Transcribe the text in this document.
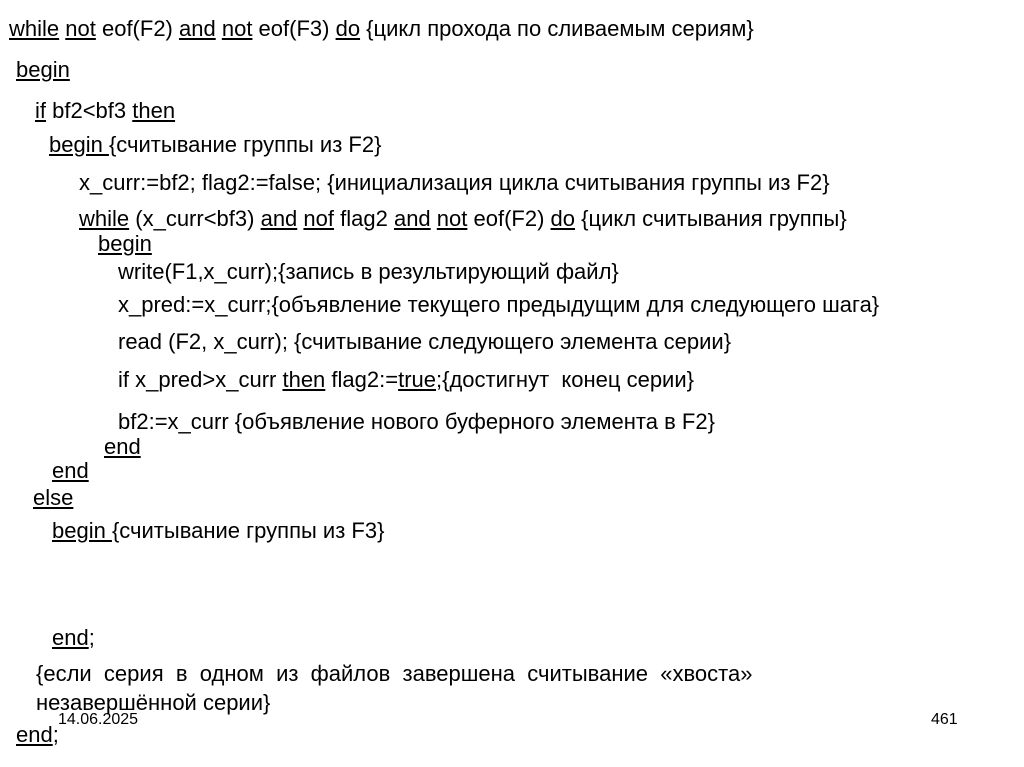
while not eof(F2) and not eof(F3) do {цикл прохода по сливаемым сериям}
begin
if bf2<bf3 then
begin {считывание группы из F2}
x_curr:=bf2; flag2:=false; {инициализация цикла считывания группы из F2}
while (x_curr<bf3) and nof flag2 and not eof(F2) do {цикл считывания группы}
begin
write(F1,x_curr);{запись в результирующий файл}
x_pred:=x_curr;{объявление текущего предыдущим для следующего шага}
read (F2, x_curr); {считывание следующего элемента серии}
if x_pred>x_curr then flag2:=true;{достигнут  конец серии}
bf2:=x_curr {объявление нового буферного элемента в F2}
end
end
else
begin {считывание группы из F3}
end;
{если  серия  в  одном  из  файлов  завершена  считывание  «хвоста»
незавершённой серии}
14.06.2025	461
end;
